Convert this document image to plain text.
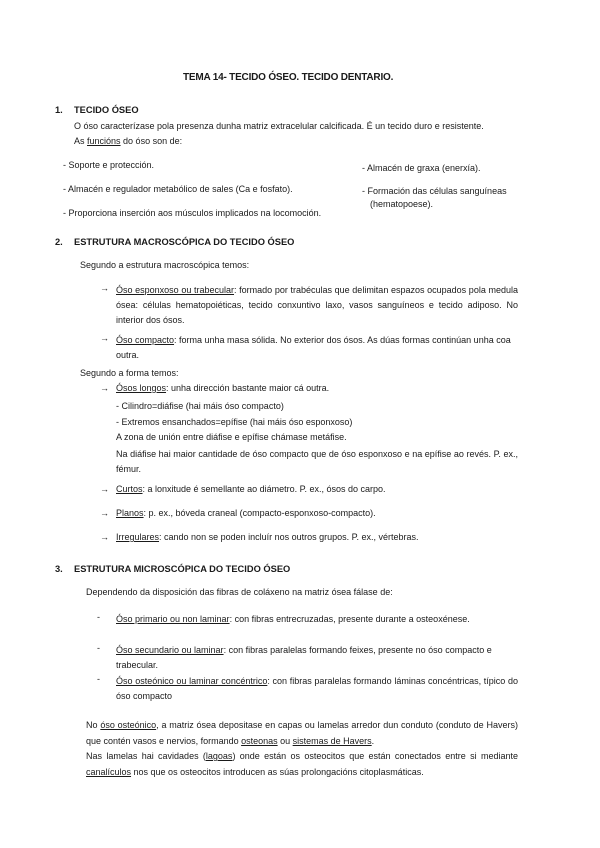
TEMA 14- TECIDO ÓSEO. TECIDO DENTARIO.
1. TECIDO ÓSEO
O óso caracterízase pola presenza dunha matriz extracelular calcificada. É un tecido duro e resistente.
As funcións do óso son de:
- Soporte e protección.
- Almacén e regulador metabólico de sales (Ca e fosfato).
- Proporciona inserción aos músculos implicados na locomoción.
- Almacén de graxa (enerxía).
- Formación das células sanguíneas
(hematopoese).
2. ESTRUTURA MACROSCÓPICA DO TECIDO ÓSEO
Segundo a estrutura macroscópica temos:
→ Óso esponxoso ou trabecular: formado por trabéculas que delimitan espazos ocupados pola medula ósea: células hematopoiéticas, tecido conxuntivo laxo, vasos sanguíneos e tecido adiposo. No interior dos ósos.
→ Óso compacto: forma unha masa sólida. No exterior dos ósos. As dúas formas continúan unha coa outra.
Segundo a forma temos:
→ Ósos longos: unha dirección bastante maior cá outra.
- Cilindro=diáfise (hai máis óso compacto)
- Extremos ensanchados=epífise (hai máis óso esponxoso)
A zona de unión entre diáfise e epífise chámase metáfise.
Na diáfise hai maior cantidade de óso compacto que de óso esponxoso e na epífise ao revés. P. ex., fémur.
→ Curtos: a lonxitude é semellante ao diámetro. P. ex., ósos do carpo.
→ Planos: p. ex., bóveda craneal (compacto-esponxoso-compacto).
→ Irregulares: cando non se poden incluír nos outros grupos. P. ex., vértebras.
3. ESTRUTURA MICROSCÓPICA DO TECIDO ÓSEO
Dependendo da disposición das fibras de coláxeno na matriz ósea fálase de:
- Óso primario ou non laminar: con fibras entrecruzadas, presente durante a osteoxénese.
- Óso secundario ou laminar: con fibras paralelas formando feixes, presente no óso compacto e trabecular.
- Óso osteónico ou laminar concéntrico: con fibras paralelas formando láminas concéntricas, típico do óso compacto
No óso osteónico, a matriz ósea depositase en capas ou lamelas arredor dun conduto (conduto de Havers) que contén vasos e nervios, formando osteonas ou sistemas de Havers.
Nas lamelas hai cavidades (lagoas) onde están os osteocitos que están conectados entre si mediante canalículos nos que os osteocitos introducen as súas prolongacións citoplasmáticas.
